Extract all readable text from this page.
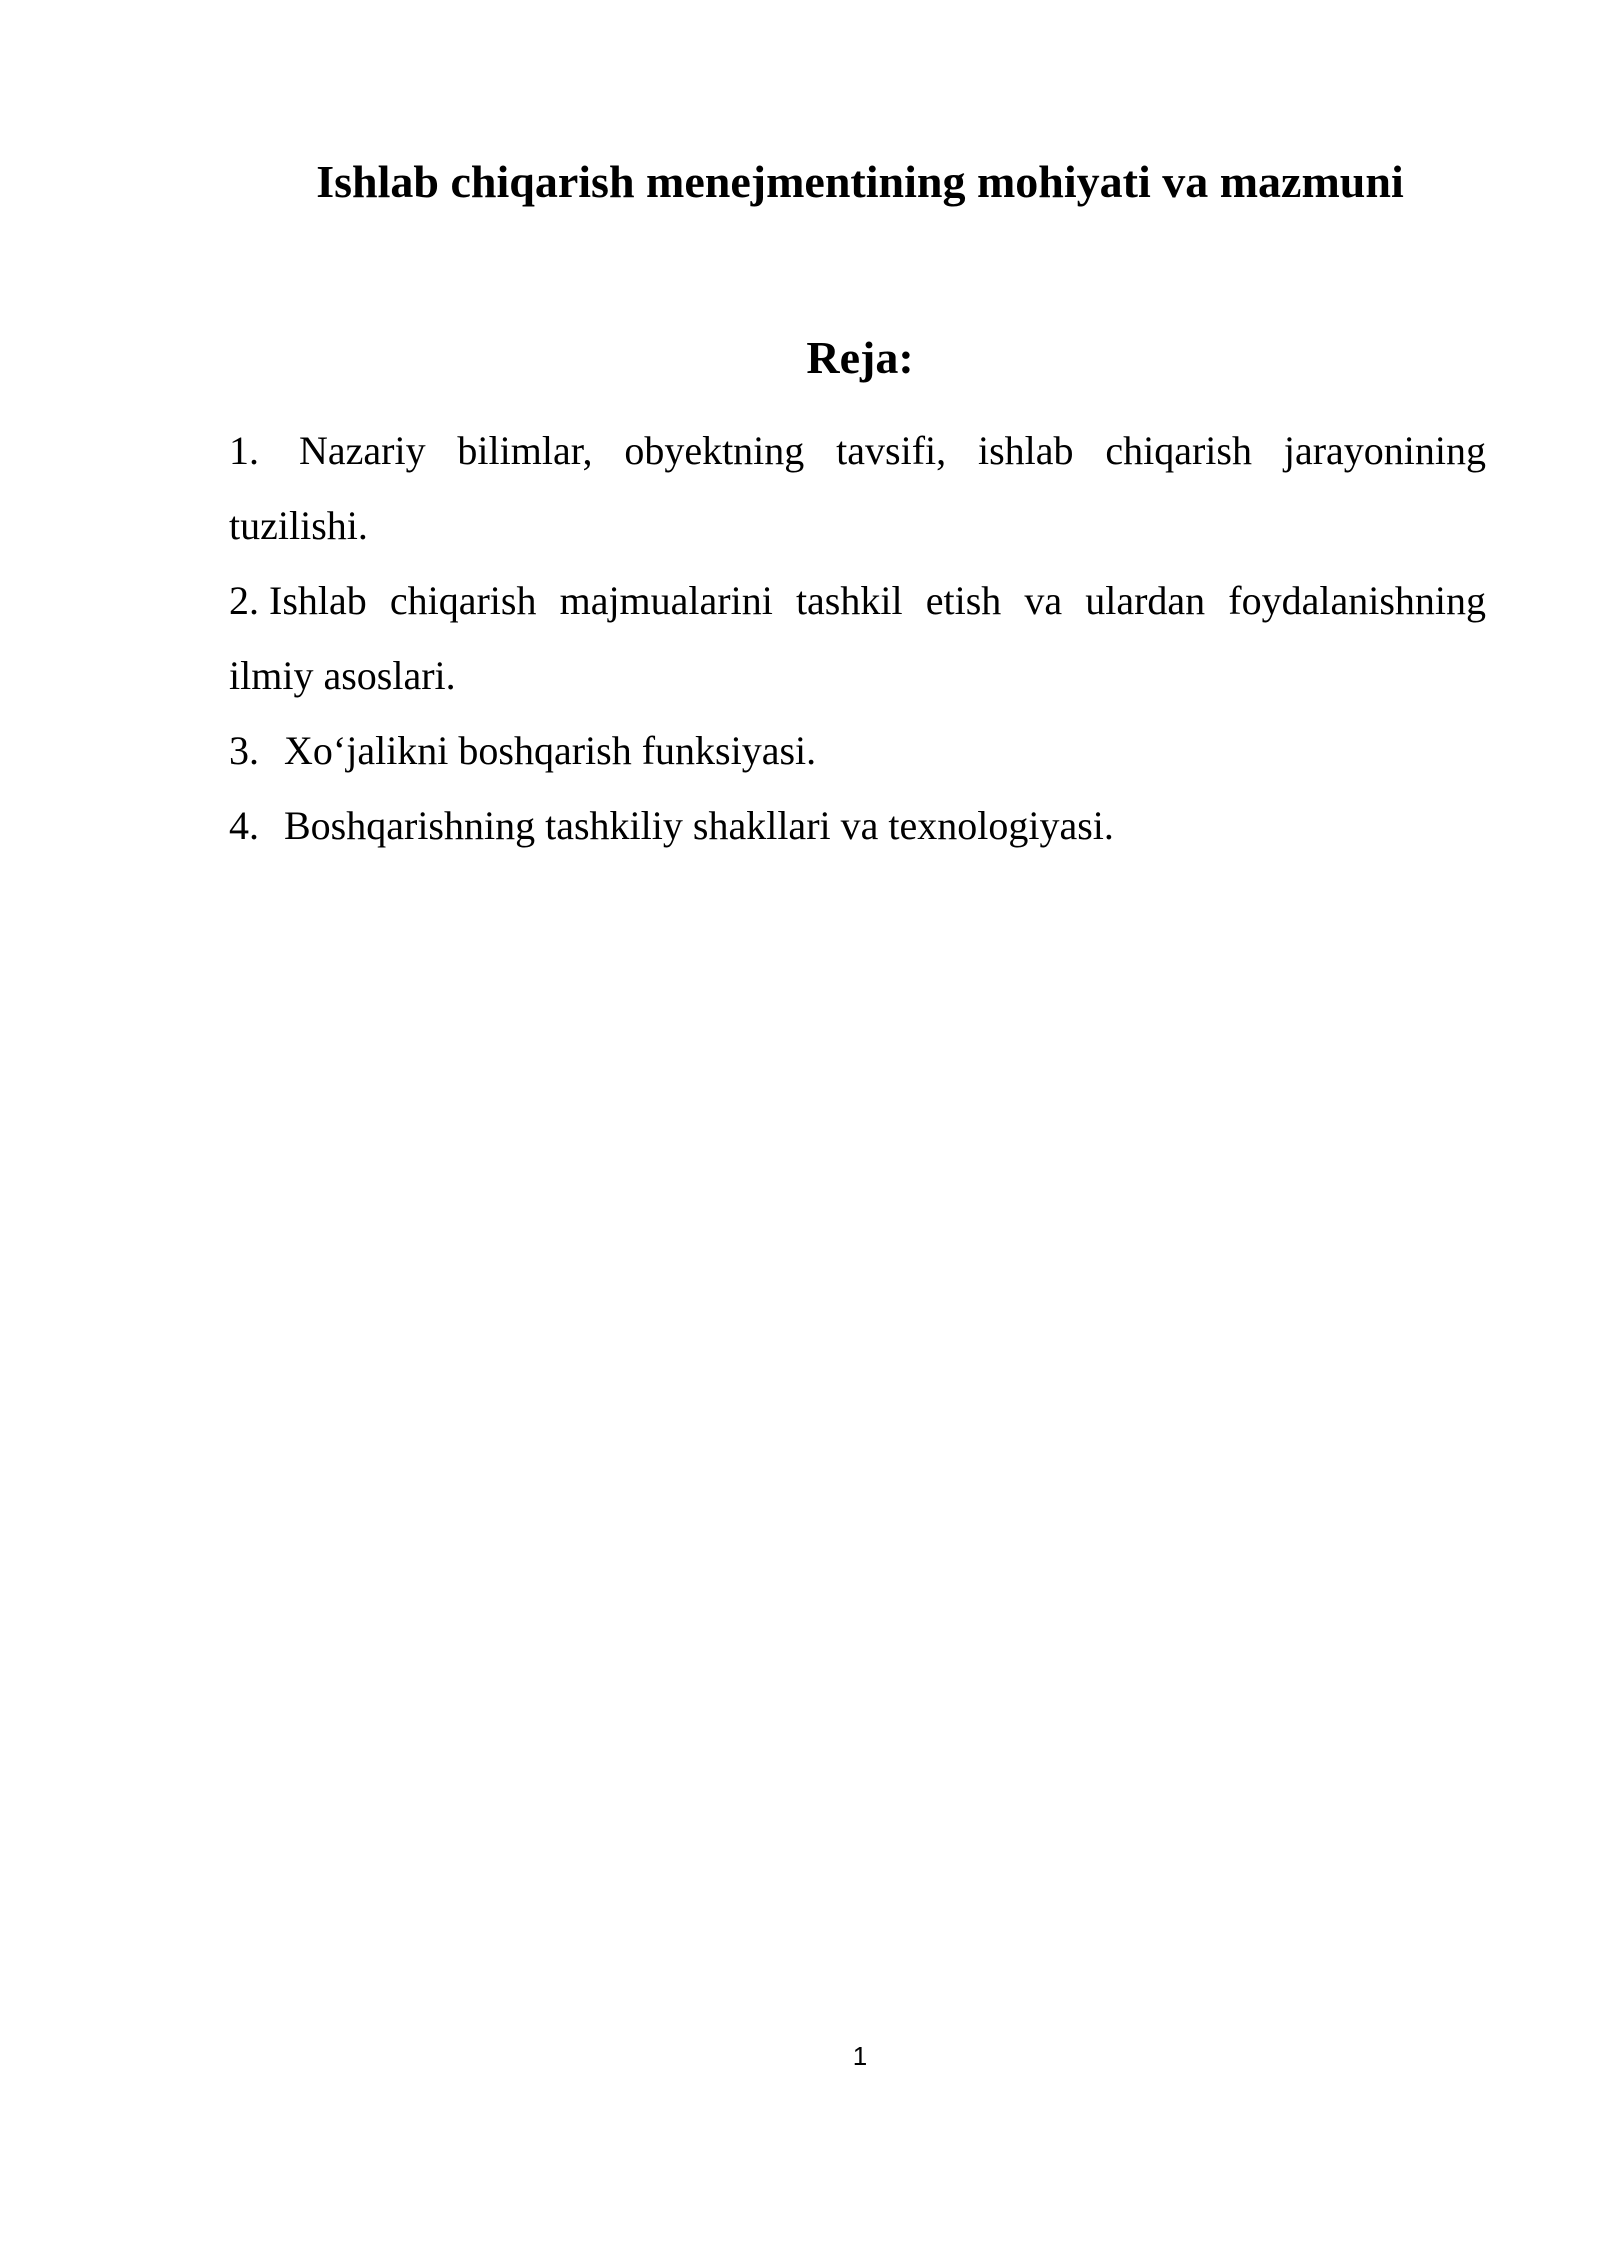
Ishlab chiqarish menejmentining mohiyati va mazmuni
Reja:
1. Nazariy bilimlar, obyektning tavsifi, ishlab chiqarish jarayonining tuzilishi.
2. Ishlab chiqarish majmualarini tashkil etish va ulardan foydalanishning ilmiy asoslari.
3. Xo‘jalikni boshqarish funksiyasi.
4. Boshqarishning tashkiliy shakllari va texnologiyasi.
1
